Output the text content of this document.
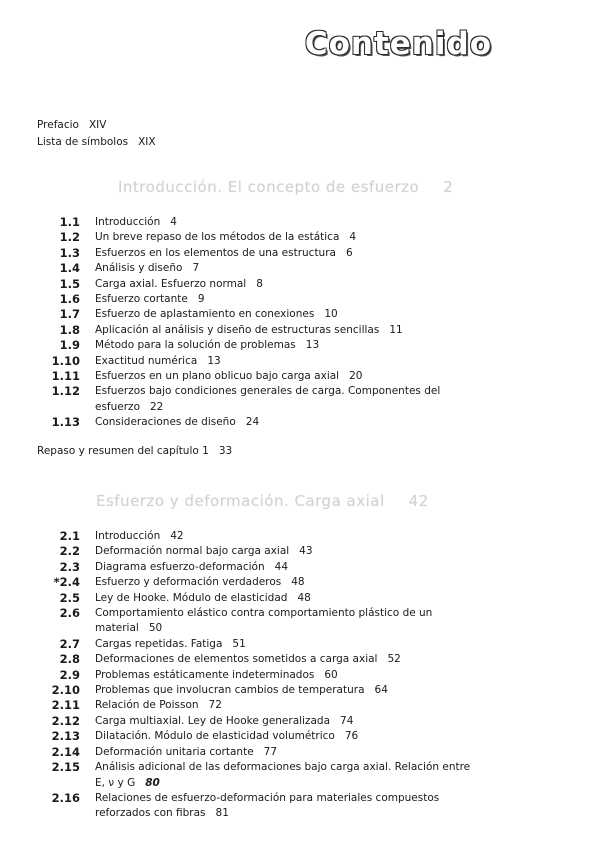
Contenido
Prefacio XIV
Lista de símbolos XIX
Introducción. El concepto de esfuerzo 2
1.1 Introducción 4
1.2 Un breve repaso de los métodos de la estática 4
1.3 Esfuerzos en los elementos de una estructura 6
1.4 Análisis y diseño 7
1.5 Carga axial. Esfuerzo normal 8
1.6 Esfuerzo cortante 9
1.7 Esfuerzo de aplastamiento en conexiones 10
1.8 Aplicación al análisis y diseño de estructuras sencillas 11
1.9 Método para la solución de problemas 13
1.10 Exactitud numérica 13
1.11 Esfuerzos en un plano oblicuo bajo carga axial 20
1.12 Esfuerzos bajo condiciones generales de carga. Componentes del esfuerzo 22
1.13 Consideraciones de diseño 24
Repaso y resumen del capítulo 1 33
Esfuerzo y deformación. Carga axial 42
2.1 Introducción 42
2.2 Deformación normal bajo carga axial 43
2.3 Diagrama esfuerzo-deformación 44
*2.4 Esfuerzo y deformación verdaderos 48
2.5 Ley de Hooke. Módulo de elasticidad 48
2.6 Comportamiento elástico contra comportamiento plástico de un material 50
2.7 Cargas repetidas. Fatiga 51
2.8 Deformaciones de elementos sometidos a carga axial 52
2.9 Problemas estáticamente indeterminados 60
2.10 Problemas que involucran cambios de temperatura 64
2.11 Relación de Poisson 72
2.12 Carga multiaxial. Ley de Hooke generalizada 74
2.13 Dilatación. Módulo de elasticidad volumétrico 76
2.14 Deformación unitaria cortante 77
2.15 Análisis adicional de las deformaciones bajo carga axial. Relación entre E, ν y G 80
2.16 Relaciones de esfuerzo-deformación para materiales compuestos reforzados con fibras 81
